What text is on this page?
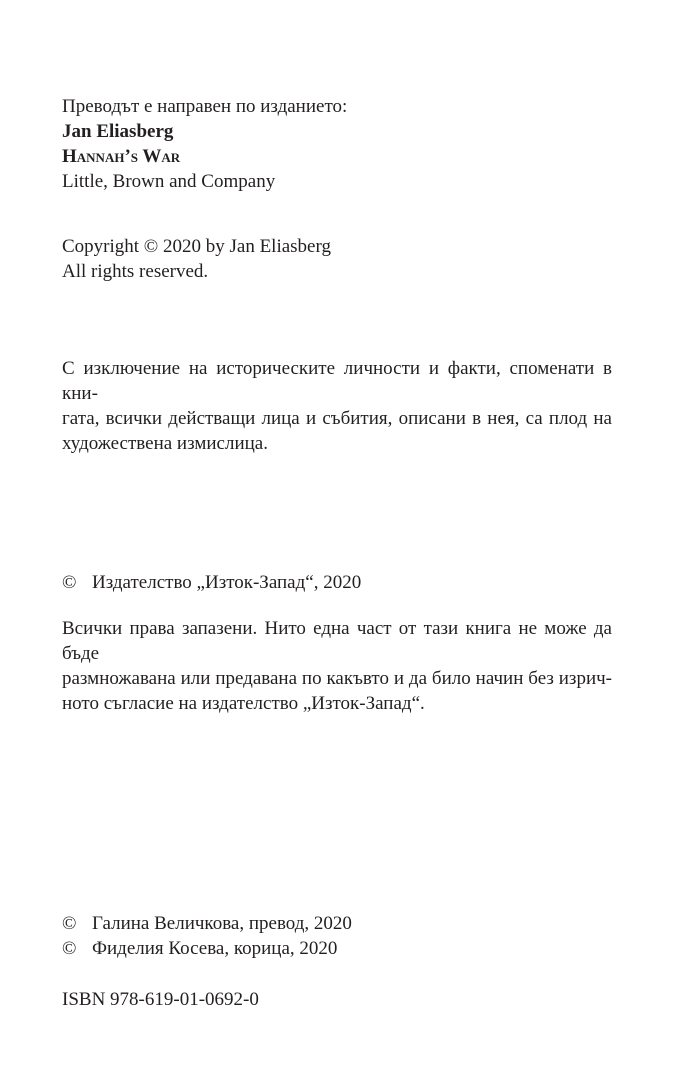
Преводът е направен по изданието:
Jan Eliasberg
Hannah’s War
Little, Brown and Company
Copyright © 2020 by Jan Eliasberg
All rights reserved.
С изключение на историческите личности и факти, споменати в кни-
гата, всички действащи лица и събития, описани в нея, са плод на
художествена измислица.
© Издателство „Изток-Запад“, 2020
Всички права запазени. Нито една част от тази книга не може да бъде
размножавана или предавана по какъвто и да било начин без изрич-
ното съгласие на издателство „Изток-Запад“.
© Галина Величкова, превод, 2020
© Фиделия Косева, корица, 2020
ISBN 978-619-01-0692-0
